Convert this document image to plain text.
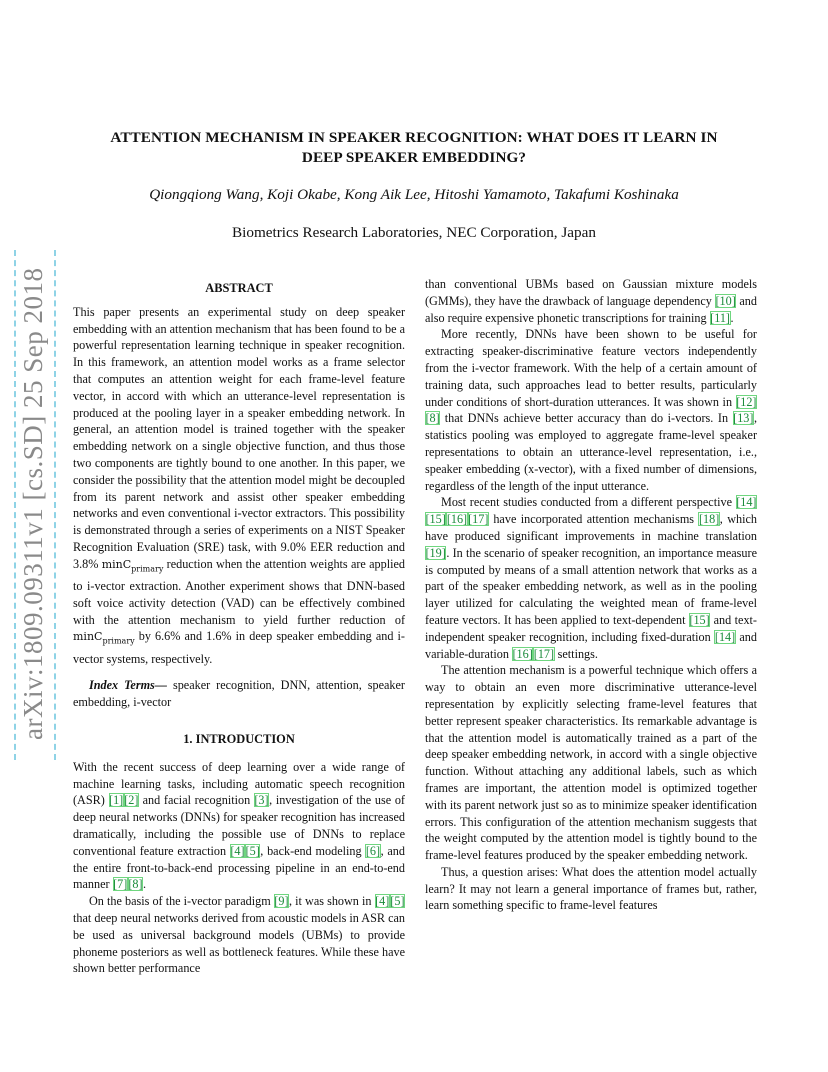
arXiv:1809.09311v1 [cs.SD] 25 Sep 2018
ATTENTION MECHANISM IN SPEAKER RECOGNITION: WHAT DOES IT LEARN IN
DEEP SPEAKER EMBEDDING?
Qiongqiong Wang, Koji Okabe, Kong Aik Lee, Hitoshi Yamamoto, Takafumi Koshinaka
Biometrics Research Laboratories, NEC Corporation, Japan
ABSTRACT

This paper presents an experimental study on deep speaker embedding with an attention mechanism that has been found to be a powerful representation learning technique in speaker recognition. In this framework, an attention model works as a frame selector that computes an attention weight for each frame-level feature vector, in accord with which an utterance-level representation is produced at the pooling layer in a speaker embedding network. In general, an attention model is trained together with the speaker embedding network on a single objective function, and thus those two components are tightly bound to one another. In this paper, we consider the possibility that the attention model might be decoupled from its parent network and assist other speaker embedding networks and even conventional i-vector extractors. This possibility is demonstrated through a series of experiments on a NIST Speaker Recognition Evaluation (SRE) task, with 9.0% EER reduction and 3.8% minC$_{primary}$ reduction when the attention weights are applied to i-vector extraction. Another experiment shows that DNN-based soft voice activity detection (VAD) can be effectively combined with the attention mechanism to yield further reduction of minC$_{primary}$ by 6.6% and 1.6% in deep speaker embedding and i-vector systems, respectively.

Index Terms— speaker recognition, DNN, attention, speaker embedding, i-vector

1. INTRODUCTION

With the recent success of deep learning over a wide range of machine learning tasks, including automatic speech recognition (ASR) [1][2] and facial recognition [3], investigation of the use of deep neural networks (DNNs) for speaker recognition has increased dramatically, including the possible use of DNNs to replace conventional feature extraction [4][5], back-end modeling [6], and the entire front-to-back-end processing pipeline in an end-to-end manner [7][8].

On the basis of the i-vector paradigm [9], it was shown in [4][5] that deep neural networks derived from acoustic models in ASR can be used as universal background models (UBMs) to provide phoneme posteriors as well as bottleneck features. While these have shown better performance

than conventional UBMs based on Gaussian mixture models (GMMs), they have the drawback of language dependency [10] and also require expensive phonetic transcriptions for training [11].

More recently, DNNs have been shown to be useful for extracting speaker-discriminative feature vectors independently from the i-vector framework. With the help of a certain amount of training data, such approaches lead to better results, particularly under conditions of short-duration utterances. It was shown in [12][8] that DNNs achieve better accuracy than do i-vectors. In [13], statistics pooling was employed to aggregate frame-level speaker representations to obtain an utterance-level representation, i.e., speaker embedding (x-vector), with a fixed number of dimensions, regardless of the length of the input utterance.

Most recent studies conducted from a different perspective [14][15][16][17] have incorporated attention mechanisms [18], which have produced significant improvements in machine translation [19]. In the scenario of speaker recognition, an importance measure is computed by means of a small attention network that works as a part of the speaker embedding network, as well as in the pooling layer utilized for calculating the weighted mean of frame-level feature vectors. It has been applied to text-dependent [15] and text-independent speaker recognition, including fixed-duration [14] and variable-duration [16][17] settings.

The attention mechanism is a powerful technique which offers a way to obtain an even more discriminative utterance-level representation by explicitly selecting frame-level features that better represent speaker characteristics. Its remarkable advantage is that the attention model is automatically trained as a part of the deep speaker embedding network, in accord with a single objective function. Without attaching any additional labels, such as which frames are important, the attention model is optimized together with its parent network just so as to minimize speaker identification errors. This configuration of the attention mechanism suggests that the weight computed by the attention model is tightly bound to the frame-level features produced by the speaker embedding network.

Thus, a question arises: What does the attention model actually learn? It may not learn a general importance of frames but, rather, learn something specific to frame-level features
